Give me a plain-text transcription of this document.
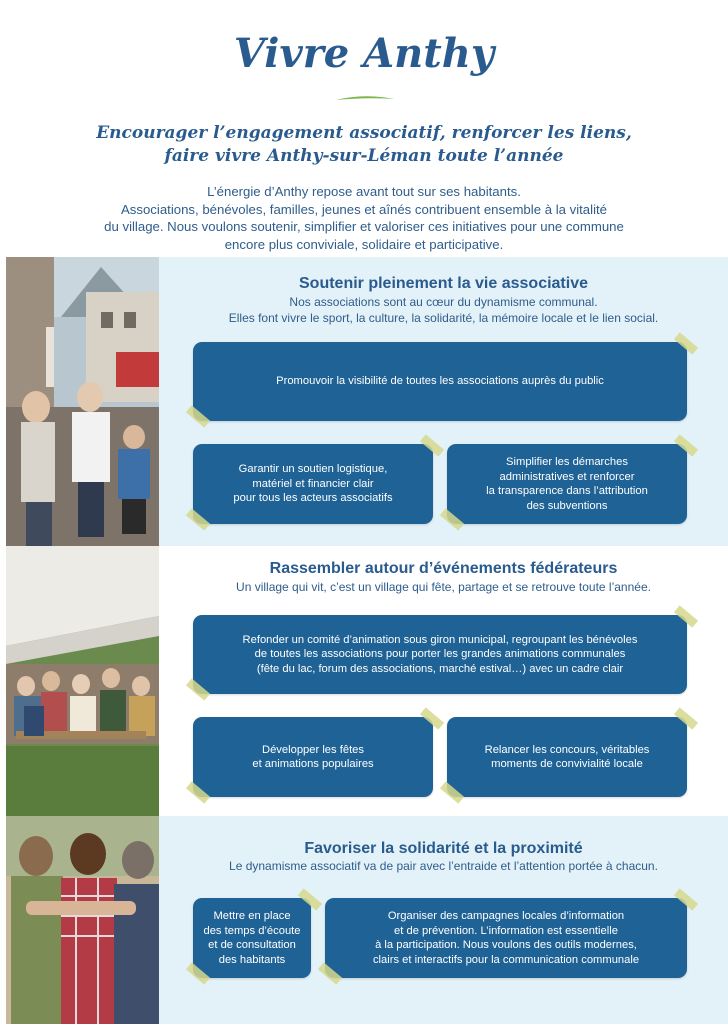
Vivre Anthy
Encourager l’engagement associatif, renforcer les liens,
faire vivre Anthy-sur-Léman toute l’année
L’énergie d’Anthy repose avant tout sur ses habitants.
Associations, bénévoles, familles, jeunes et aînés contribuent ensemble à la vitalité
du village. Nous voulons soutenir, simplifier et valoriser ces initiatives pour une commune
encore plus conviviale, solidaire et participative.
Soutenir pleinement la vie associative
Nos associations sont au cœur du dynamisme communal.
Elles font vivre le sport, la culture, la solidarité, la mémoire locale et le lien social.
Promouvoir la visibilité de toutes les associations auprès du public
Garantir un soutien logistique,
matériel et financier clair
pour tous les acteurs associatifs
Simplifier les démarches
administratives et renforcer
la transparence dans l’attribution
des subventions
Rassembler autour d’événements fédérateurs
Un village qui vit, c’est un village qui fête, partage et se retrouve toute l’année.
Refonder un comité d’animation sous giron municipal, regroupant les bénévoles
de toutes les associations pour porter les grandes animations communales
(fête du lac, forum des associations, marché estival…) avec un cadre clair
Développer les fêtes
et animations populaires
Relancer les concours, véritables
moments de convivialité locale
Favoriser la solidarité et la proximité
Le dynamisme associatif va de pair avec l’entraide et l’attention portée à chacun.
Mettre en place
des temps d’écoute
et de consultation
des habitants
Organiser des campagnes locales d’information
et de prévention. L’information est essentielle
à la participation. Nous voulons des outils modernes,
clairs et interactifs pour la communication communale
